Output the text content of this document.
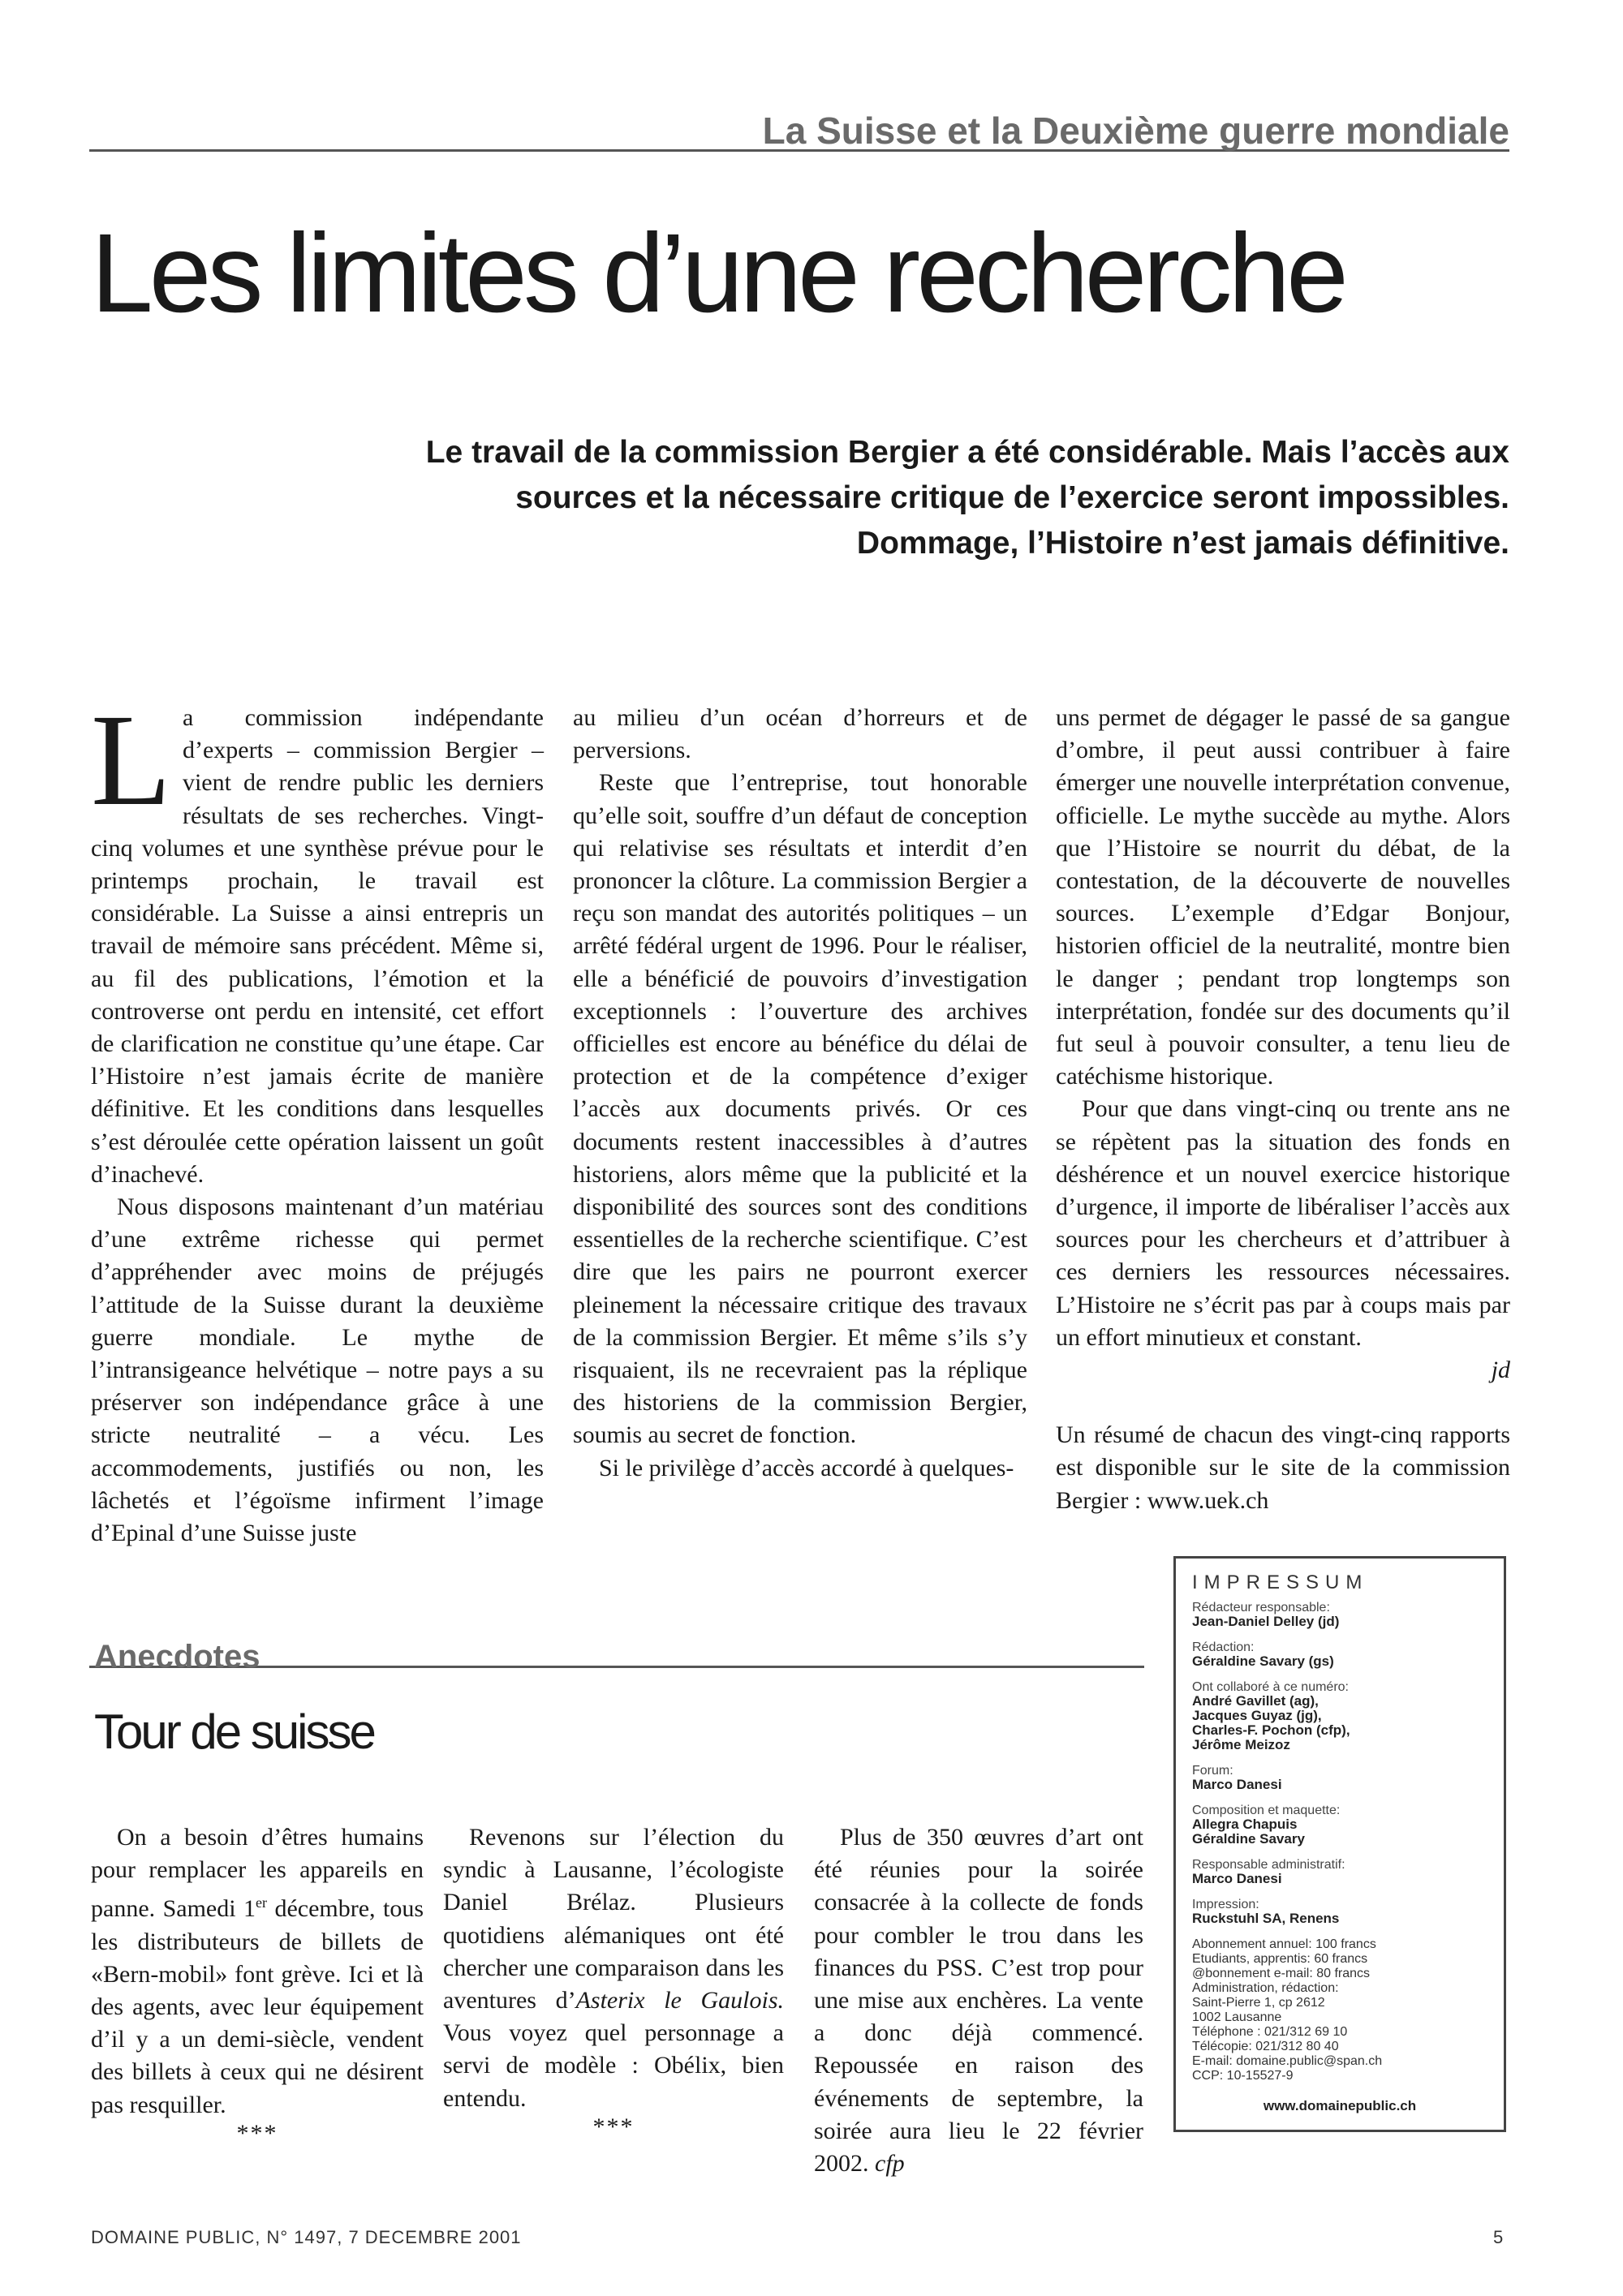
La Suisse et la Deuxième guerre mondiale
Les limites d’une recherche
Le travail de la commission Bergier a été considérable. Mais l’accès aux sources et la nécessaire critique de l’exercice seront impossibles. Dommage, l’Histoire n’est jamais définitive.

La commission indépendante d’experts – commission Bergier – vient de rendre public les derniers résultats de ses recherches. Vingt-cinq volumes et une synthèse prévue pour le printemps prochain, le travail est considérable. La Suisse a ainsi entrepris un travail de mémoire sans précédent. Même si, au fil des publications, l’émotion et la controverse ont perdu en intensité, cet effort de clarification ne constitue qu’une étape. Car l’Histoire n’est jamais écrite de manière définitive. Et les conditions dans lesquelles s’est déroulée cette opération laissent un goût d’inachevé.

Nous disposons maintenant d’un matériau d’une extrême richesse qui permet d’appréhender avec moins de préjugés l’attitude de la Suisse durant la deuxième guerre mondiale. Le mythe de l’intransigeance helvétique – notre pays a su préserver son indépendance grâce à une stricte neutralité – a vécu. Les accommodements, justifiés ou non, les lâchetés et l’égoïsme infirment l’image d’Epinal d’une Suisse juste

au milieu d’un océan d’horreurs et de perversions.

Reste que l’entreprise, tout honorable qu’elle soit, souffre d’un défaut de conception qui relativise ses résultats et interdit d’en prononcer la clôture. La commission Bergier a reçu son mandat des autorités politiques – un arrêté fédéral urgent de 1996. Pour le réaliser, elle a bénéficié de pouvoirs d’investigation exceptionnels : l’ouverture des archives officielles est encore au bénéfice du délai de protection et de la compétence d’exiger l’accès aux documents privés. Or ces documents restent inaccessibles à d’autres historiens, alors même que la publicité et la disponibilité des sources sont des conditions essentielles de la recherche scientifique. C’est dire que les pairs ne pourront exercer pleinement la nécessaire critique des travaux de la commission Bergier. Et même s’ils s’y risquaient, ils ne recevraient pas la réplique des historiens de la commission Bergier, soumis au secret de fonction.

Si le privilège d’accès accordé à quelques-

uns permet de dégager le passé de sa gangue d’ombre, il peut aussi contribuer à faire émerger une nouvelle interprétation convenue, officielle. Le mythe succède au mythe. Alors que l’Histoire se nourrit du débat, de la contestation, de la découverte de nouvelles sources. L’exemple d’Edgar Bonjour, historien officiel de la neutralité, montre bien le danger ; pendant trop longtemps son interprétation, fondée sur des documents qu’il fut seul à pouvoir consulter, a tenu lieu de catéchisme historique.

Pour que dans vingt-cinq ou trente ans ne se répètent pas la situation des fonds en déshérence et un nouvel exercice historique d’urgence, il importe de libéraliser l’accès aux sources pour les chercheurs et d’attribuer à ces derniers les ressources nécessaires. L’Histoire ne s’écrit pas par à coups mais par un effort minutieux et constant.

jd

Un résumé de chacun des vingt-cinq rapports est disponible sur le site de la commission Bergier : www.uek.ch

Anecdotes
Tour de suisse

On a besoin d’êtres humains pour remplacer les appareils en panne. Samedi 1er décembre, tous les distributeurs de billets de «Bern-mobil» font grève. Ici et là des agents, avec leur équipement d’il y a un demi-siècle, vendent des billets à ceux qui ne désirent pas resquiller.

***

Revenons sur l’élection du syndic à Lausanne, l’écologiste Daniel Brélaz. Plusieurs quotidiens alémaniques ont été chercher une comparaison dans les aventures d’Asterix le Gaulois. Vous voyez quel personnage a servi de modèle : Obélix, bien entendu.

***

Plus de 350 œuvres d’art ont été réunies pour la soirée consacrée à la collecte de fonds pour combler le trou dans les finances du PSS. C’est trop pour une mise aux enchères. La vente a donc déjà commencé. Repoussée en raison des événements de septembre, la soirée aura lieu le 22 février 2002. cfp

IMPRESSUM
Rédacteur responsable:
Jean-Daniel Delley (jd)
Rédaction:
Géraldine Savary (gs)
Ont collaboré à ce numéro:
André Gavillet (ag),
Jacques Guyaz (jg),
Charles-F. Pochon (cfp),
Jérôme Meizoz
Forum:
Marco Danesi
Composition et maquette:
Allegra Chapuis
Géraldine Savary
Responsable administratif:
Marco Danesi
Impression:
Ruckstuhl SA, Renens
Abonnement annuel: 100 francs
Etudiants, apprentis: 60 francs
@bonnement e-mail: 80 francs
Administration, rédaction:
Saint-Pierre 1, cp 2612
1002 Lausanne
Téléphone : 021/312 69 10
Télécopie: 021/312 80 40
E-mail: domaine.public@span.ch
CCP: 10-15527-9
www.domainepublic.ch
DOMAINE PUBLIC, N° 1497, 7 DECEMBRE 2001	5
